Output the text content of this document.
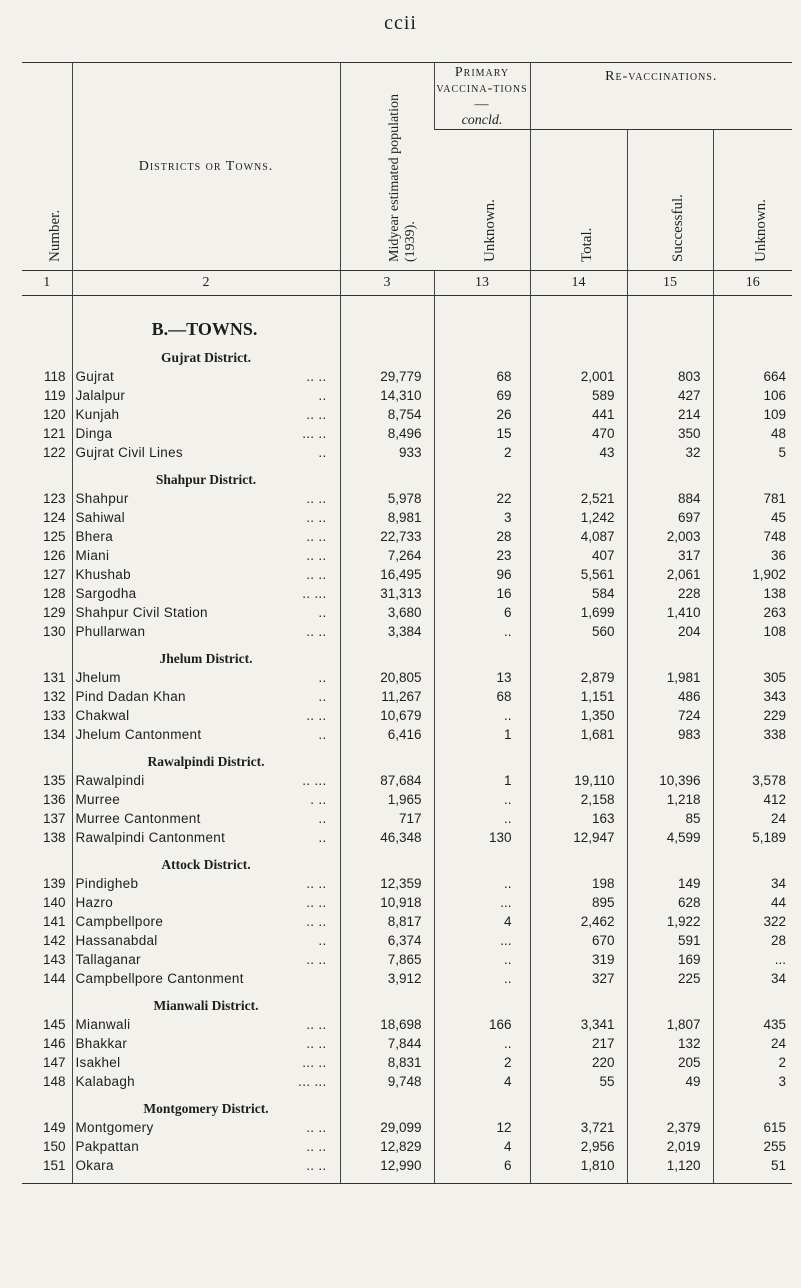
ccii
Number.	Districts or Towns.	Midyear estimated population (1939).	Primary vaccina-tions—
concld.	Re-vaccinations.		

			Unknown.	Total.	Successful.	Unknown.

1	2	3	13	14	15	16
	B.—TOWNS.					
	Gujrat District.					
118	Gujrat .. ..	29,779	68	2,001	803	664
119	Jalalpur ..	14,310	69	589	427	106
120	Kunjah .. ..	8,754	26	441	214	109
121	Dinga ... ..	8,496	15	470	350	48
122	Gujrat Civil Lines ..	933	2	43	32	5
	Shahpur District.					
123	Shahpur .. ..	5,978	22	2,521	884	781
124	Sahiwal .. ..	8,981	3	1,242	697	45
125	Bhera .. ..	22,733	28	4,087	2,003	748
126	Miani .. ..	7,264	23	407	317	36
127	Khushab .. ..	16,495	96	5,561	2,061	1,902
128	Sargodha .. ...	31,313	16	584	228	138
129	Shahpur Civil Station ..	3,680	6	1,699	1,410	263
130	Phullarwan .. ..	3,384	..	560	204	108
	Jhelum District.					
131	Jhelum ..	20,805	13	2,879	1,981	305
132	Pind Dadan Khan ..	11,267	68	1,151	486	343
133	Chakwal .. ..	10,679	..	1,350	724	229
134	Jhelum Cantonment ..	6,416	1	1,681	983	338
	Rawalpindi District.					
135	Rawalpindi .. ...	87,684	1	19,110	10,396	3,578
136	Murree . ..	1,965	..	2,158	1,218	412
137	Murree Cantonment ..	717	..	163	85	24
138	Rawalpindi Cantonment ..	46,348	130	12,947	4,599	5,189
	Attock District.					
139	Pindigheb .. ..	12,359	..	198	149	34
140	Hazro .. ..	10,918	...	895	628	44
141	Campbellpore .. ..	8,817	4	2,462	1,922	322
142	Hassanabdal ..	6,374	...	670	591	28
143	Tallaganar .. ..	7,865	..	319	169	...
144	Campbellpore Cantonment	3,912	..	327	225	34
	Mianwali District.					
145	Mianwali .. ..	18,698	166	3,341	1,807	435
146	Bhakkar .. ..	7,844	..	217	132	24
147	Isakhel ... ..	8,831	2	220	205	2
148	Kalabagh ... ...	9,748	4	55	49	3
	Montgomery District.					
149	Montgomery .. ..	29,099	12	3,721	2,379	615
150	Pakpattan .. ..	12,829	4	2,956	2,019	255
151	Okara .. ..	12,990	6	1,810	1,120	51
